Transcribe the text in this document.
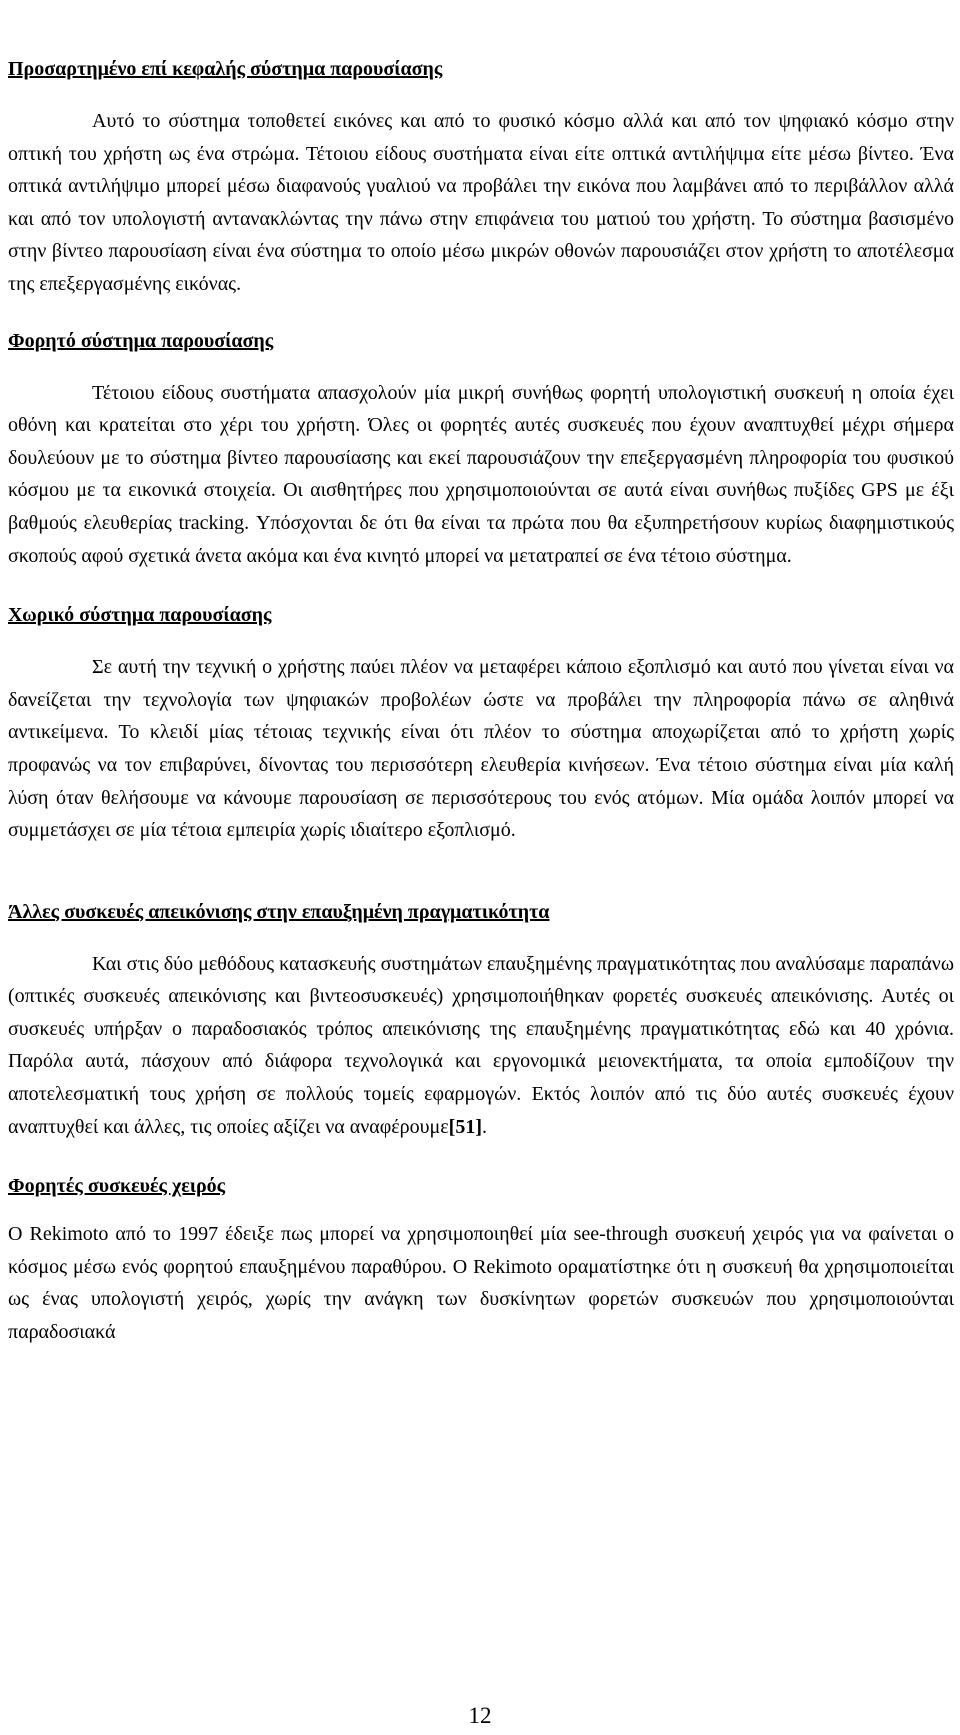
Προσαρτημένο επί κεφαλής σύστημα παρουσίασης

Αυτό το σύστημα τοποθετεί εικόνες και από το φυσικό κόσμο αλλά και από τον ψηφιακό κόσμο στην οπτική του χρήστη ως ένα στρώμα. Τέτοιου είδους συστήματα είναι είτε οπτικά αντιλήψιμα είτε μέσω βίντεο. Ένα οπτικά αντιλήψιμο μπορεί μέσω διαφανούς γυαλιού να προβάλει την εικόνα που λαμβάνει από το περιβάλλον αλλά και από τον υπολογιστή αντανακλώντας την πάνω στην επιφάνεια του ματιού του χρήστη. Το σύστημα βασισμένο στην βίντεο παρουσίαση είναι ένα σύστημα το οποίο μέσω μικρών οθονών παρουσιάζει στον χρήστη το αποτέλεσμα της επεξεργασμένης εικόνας.

Φορητό σύστημα παρουσίασης

Τέτοιου είδους συστήματα απασχολούν μία μικρή συνήθως φορητή υπολογιστική συσκευή η οποία έχει οθόνη και κρατείται στο χέρι του χρήστη. Όλες οι φορητές αυτές συσκευές που έχουν αναπτυχθεί μέχρι σήμερα δουλεύουν με το σύστημα βίντεο παρουσίασης και εκεί παρουσιάζουν την επεξεργασμένη πληροφορία του φυσικού κόσμου με τα εικονικά στοιχεία. Οι αισθητήρες που χρησιμοποιούνται σε αυτά είναι συνήθως πυξίδες GPS με έξι βαθμούς ελευθερίας tracking. Υπόσχονται δε ότι θα είναι τα πρώτα που θα εξυπηρετήσουν κυρίως διαφημιστικούς σκοπούς αφού σχετικά άνετα ακόμα και ένα κινητό μπορεί να μετατραπεί σε ένα τέτοιο σύστημα.

Χωρικό σύστημα παρουσίασης

Σε αυτή την τεχνική ο χρήστης παύει πλέον να μεταφέρει κάποιο εξοπλισμό και αυτό που γίνεται είναι να δανείζεται την τεχνολογία των ψηφιακών προβολέων ώστε να προβάλει την πληροφορία πάνω σε αληθινά αντικείμενα. Το κλειδί μίας τέτοιας τεχνικής είναι ότι πλέον το σύστημα αποχωρίζεται από το χρήστη χωρίς προφανώς να τον επιβαρύνει, δίνοντας του περισσότερη ελευθερία κινήσεων. Ένα τέτοιο σύστημα είναι μία καλή λύση όταν θελήσουμε να κάνουμε παρουσίαση σε περισσότερους του ενός ατόμων. Μία ομάδα λοιπόν μπορεί να συμμετάσχει σε μία τέτοια εμπειρία χωρίς ιδιαίτερο εξοπλισμό.

Άλλες συσκευές απεικόνισης στην επαυξημένη πραγματικότητα

Και στις δύο μεθόδους κατασκευής συστημάτων επαυξημένης πραγματικότητας που αναλύσαμε παραπάνω (οπτικές συσκευές απεικόνισης και βιντεοσυσκευές) χρησιμοποιήθηκαν φορετές συσκευές απεικόνισης. Αυτές οι συσκευές υπήρξαν ο παραδοσιακός τρόπος απεικόνισης της επαυξημένης πραγματικότητας εδώ και 40 χρόνια. Παρόλα αυτά, πάσχουν από διάφορα τεχνολογικά και εργονομικά μειονεκτήματα, τα οποία εμποδίζουν την αποτελεσματική τους χρήση σε πολλούς τομείς εφαρμογών. Εκτός λοιπόν από τις δύο αυτές συσκευές έχουν αναπτυχθεί και άλλες, τις οποίες αξίζει να αναφέρουμε[51].

Φορητές συσκευές χειρός

O Rekimoto από το 1997 έδειξε πως μπορεί να χρησιμοποιηθεί μία see-through συσκευή χειρός για να φαίνεται ο κόσμος μέσω ενός φορητού επαυξημένου παραθύρου. O Rekimoto οραματίστηκε ότι η συσκευή θα χρησιμοποιείται ως ένας υπολογιστή χειρός, χωρίς την ανάγκη των δυσκίνητων φορετών συσκευών που χρησιμοποιούνται παραδοσιακά

12
